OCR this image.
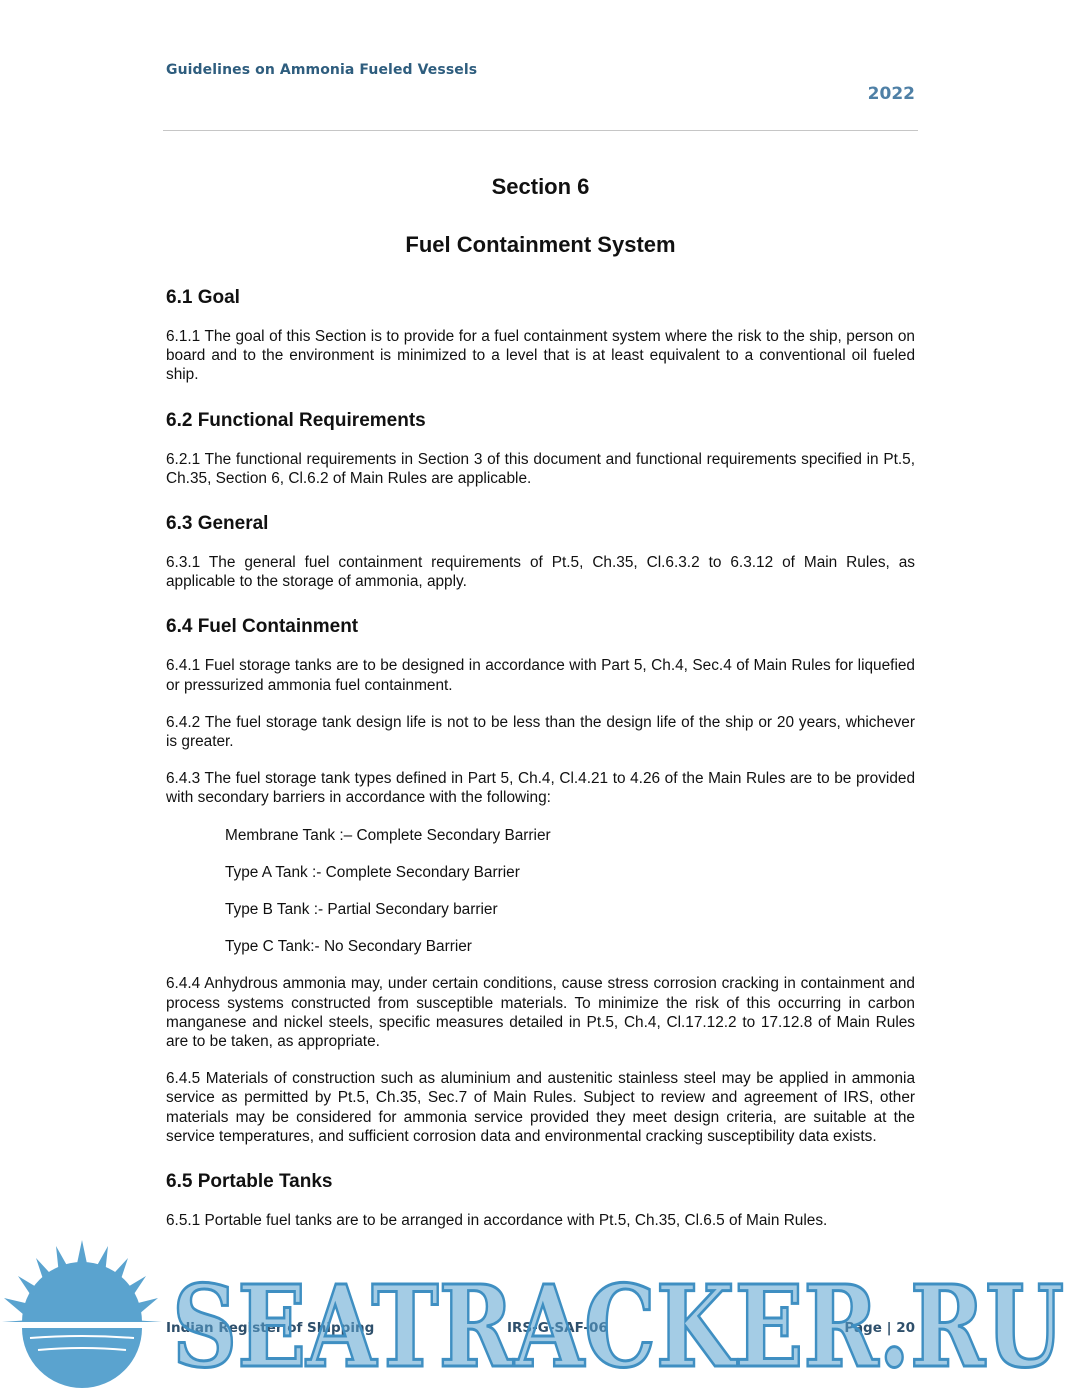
Guidelines on Ammonia Fueled Vessels
2022
Section 6
Fuel Containment System
6.1 Goal

6.1.1 The goal of this Section is to provide for a fuel containment system where the risk to the ship, person on board and to the environment is minimized to a level that is at least equivalent to a conventional oil fueled ship.

6.2 Functional Requirements

6.2.1 The functional requirements in Section 3 of this document and functional requirements specified in Pt.5, Ch.35, Section 6, Cl.6.2 of Main Rules are applicable.

6.3 General

6.3.1 The general fuel containment requirements of Pt.5, Ch.35, Cl.6.3.2 to 6.3.12 of Main Rules, as applicable to the storage of ammonia, apply.

6.4 Fuel Containment

6.4.1 Fuel storage tanks are to be designed in accordance with Part 5, Ch.4, Sec.4 of Main Rules for liquefied or pressurized ammonia fuel containment.

6.4.2 The fuel storage tank design life is not to be less than the design life of the ship or 20 years, whichever is greater.

6.4.3 The fuel storage tank types defined in Part 5, Ch.4, Cl.4.21 to 4.26 of the Main Rules are to be provided with secondary barriers in accordance with the following:

Membrane Tank :– Complete Secondary Barrier

Type A Tank :- Complete Secondary Barrier

Type B Tank :- Partial Secondary barrier

Type C Tank:- No Secondary Barrier

6.4.4 Anhydrous ammonia may, under certain conditions, cause stress corrosion cracking in containment and process systems constructed from susceptible materials. To minimize the risk of this occurring in carbon manganese and nickel steels, specific measures detailed in Pt.5, Ch.4, Cl.17.12.2 to 17.12.8 of Main Rules are to be taken, as appropriate.

6.4.5 Materials of construction such as aluminium and austenitic stainless steel may be applied in ammonia service as permitted by Pt.5, Ch.35, Sec.7 of Main Rules. Subject to review and agreement of IRS, other materials may be considered for ammonia service provided they meet design criteria, are suitable at the service temperatures, and sufficient corrosion data and environmental cracking susceptibility data exists.

6.5 Portable Tanks

6.5.1 Portable fuel tanks are to be arranged in accordance with Pt.5, Ch.35, Cl.6.5 of Main Rules.

Indian Register of Shipping	IRS-G-SAF-06	Page | 20
SEATRACKER.RU
